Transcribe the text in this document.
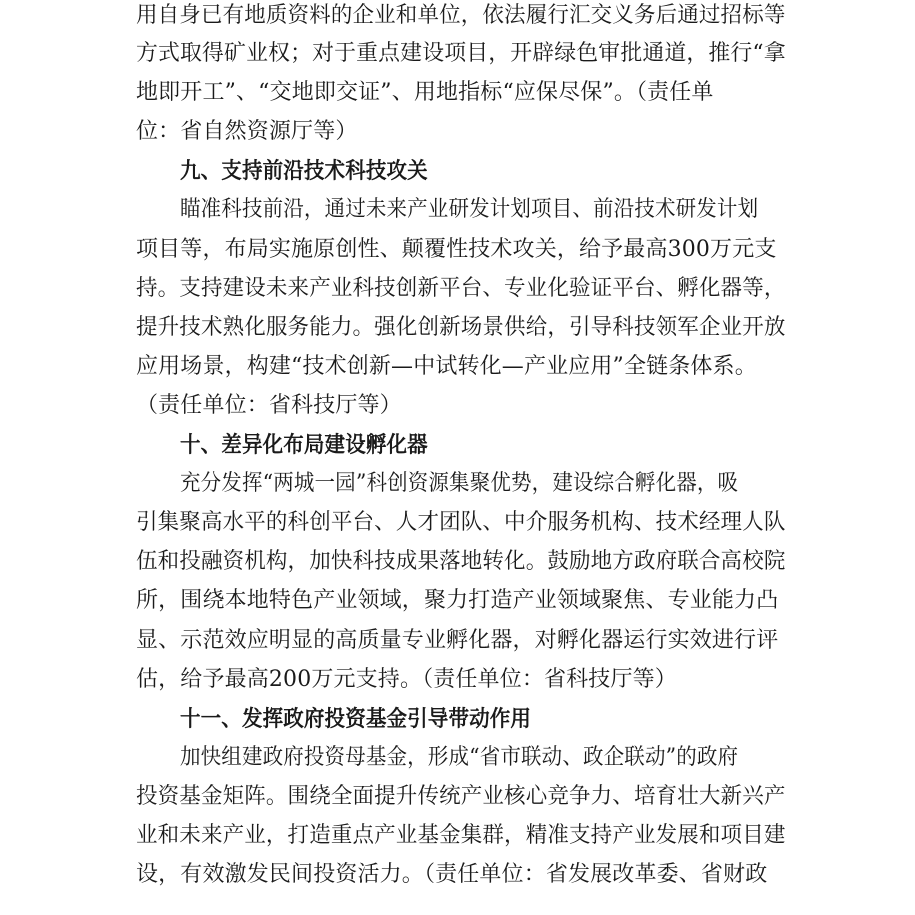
用自身已有地质资料的企业和单位，依法履行汇交义务后通过招标等
方式取得矿业权；对于重点建设项目，开辟绿色审批通道，推行“拿
地即开工”、“交地即交证”、用地指标“应保尽保”。（责任单
位：省自然资源厅等）
九、支持前沿技术科技攻关
瞄准科技前沿，通过未来产业研发计划项目、前沿技术研发计划
项目等，布局实施原创性、颠覆性技术攻关，给予最高300万元支
持。支持建设未来产业科技创新平台、专业化验证平台、孵化器等，
提升技术熟化服务能力。强化创新场景供给，引导科技领军企业开放
应用场景，构建“技术创新—中试转化—产业应用”全链条体系。
（责任单位：省科技厅等）
十、差异化布局建设孵化器
充分发挥“两城一园”科创资源集聚优势，建设综合孵化器，吸
引集聚高水平的科创平台、人才团队、中介服务机构、技术经理人队
伍和投融资机构，加快科技成果落地转化。鼓励地方政府联合高校院
所，围绕本地特色产业领域，聚力打造产业领域聚焦、专业能力凸
显、示范效应明显的高质量专业孵化器，对孵化器运行实效进行评
估，给予最高200万元支持。（责任单位：省科技厅等）
十一、发挥政府投资基金引导带动作用
加快组建政府投资母基金，形成“省市联动、政企联动”的政府
投资基金矩阵。围绕全面提升传统产业核心竞争力、培育壮大新兴产
业和未来产业，打造重点产业基金集群，精准支持产业发展和项目建
设，有效激发民间投资活力。（责任单位：省发展改革委、省财政
